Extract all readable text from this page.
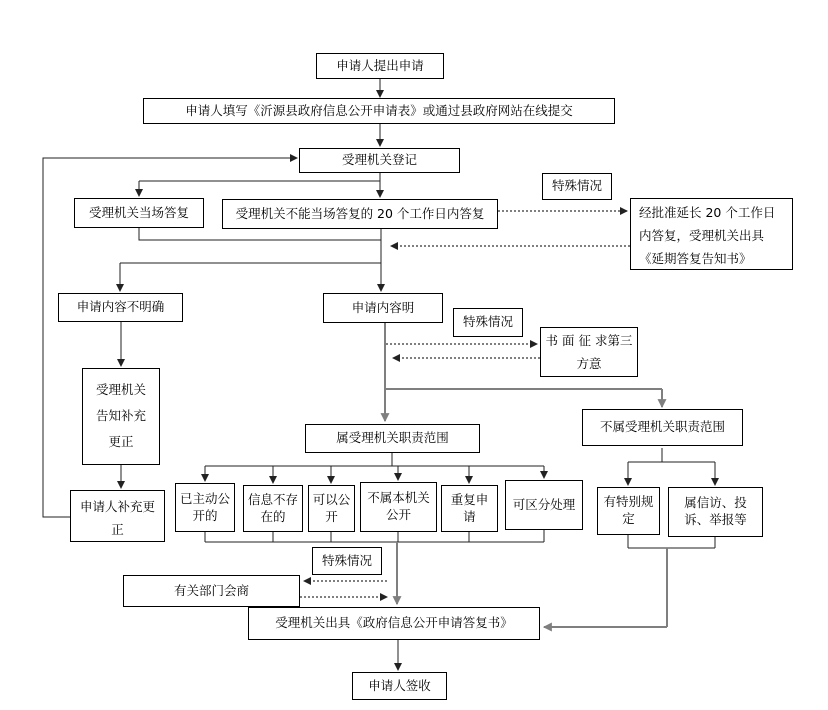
申请人提出申请
申请人填写《沂源县政府信息公开申请表》或通过县政府网站在线提交
受理机关登记
受理机关当场答复	受理机关不能当场答复的 20 个工作日内答复
特殊情况
经批准延长 20 个工作日内答复，受理机关出具《延期答复告知书》
申请内容不明确	申请内容明
特殊情况
书 面 征 求第三方意
受理机关告知补充更正
申请人补充更正
属受理机关职责范围
不属受理机关职责范围
已主动公开的
信息不存在的
可以公开
不属本机关公开
重复申请
可区分处理	有特别规定
属信访、投诉、举报等
特殊情况
有关部门会商
受理机关出具《政府信息公开申请答复书》
申请人签收
